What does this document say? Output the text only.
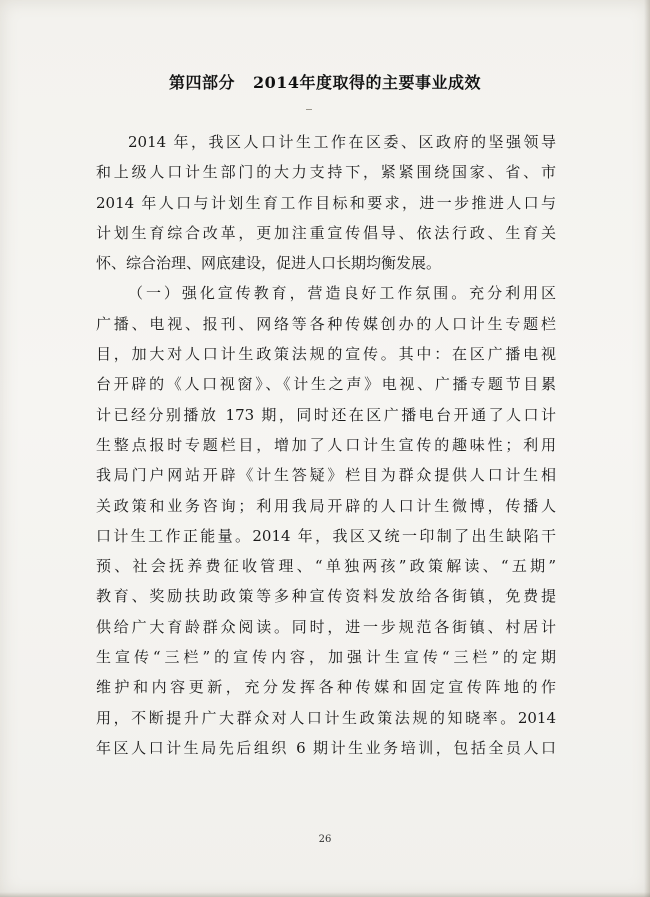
第四部分 2014年度取得的主要事业成效
2014 年，我区人口计生工作在区委、区政府的坚强领导
和上级人口计生部门的大力支持下，紧紧围绕国家、省、市
2014 年人口与计划生育工作目标和要求，进一步推进人口与
计划生育综合改革，更加注重宣传倡导、依法行政、生育关
怀、综合治理、网底建设，促进人口长期均衡发展。
（一）强化宣传教育，营造良好工作氛围。充分利用区
广播、电视、报刊、网络等各种传媒创办的人口计生专题栏
目，加大对人口计生政策法规的宣传。其中：在区广播电视
台开辟的《人口视窗》、《计生之声》电视、广播专题节目累
计已经分别播放 173 期，同时还在区广播电台开通了人口计
生整点报时专题栏目，增加了人口计生宣传的趣味性；利用
我局门户网站开辟《计生答疑》栏目为群众提供人口计生相
关政策和业务咨询；利用我局开辟的人口计生微博，传播人
口计生工作正能量。2014 年，我区又统一印制了出生缺陷干
预、社会抚养费征收管理、“单独两孩”政策解读、“五期”
教育、奖励扶助政策等多种宣传资料发放给各街镇，免费提
供给广大育龄群众阅读。同时，进一步规范各街镇、村居计
生宣传“三栏”的宣传内容，加强计生宣传“三栏”的定期
维护和内容更新，充分发挥各种传媒和固定宣传阵地的作
用，不断提升广大群众对人口计生政策法规的知晓率。2014
年区人口计生局先后组织 6 期计生业务培训，包括全员人口
26
